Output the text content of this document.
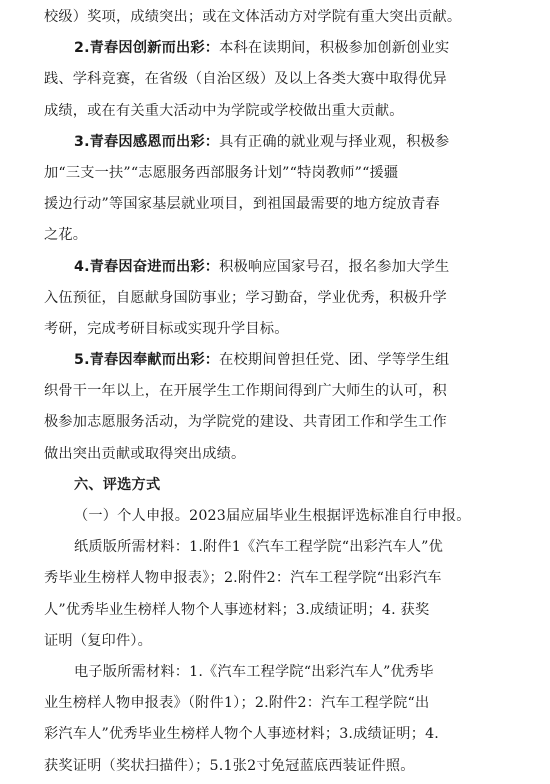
校级）奖项，成绩突出；或在文体活动方对学院有重大突出贡献。
2.青春因创新而出彩：本科在读期间，积极参加创新创业实
践、学科竞赛，在省级（自治区级）及以上各类大赛中取得优异
成绩，或在有关重大活动中为学院或学校做出重大贡献。
3.青春因感恩而出彩：具有正确的就业观与择业观，积极参
加“三支一扶”“志愿服务西部服务计划”“特岗教师”“援疆
援边行动”等国家基层就业项目，到祖国最需要的地方绽放青春
之花。
4.青春因奋进而出彩：积极响应国家号召，报名参加大学生
入伍预征，自愿献身国防事业；学习勤奋，学业优秀，积极升学
考研，完成考研目标或实现升学目标。
5.青春因奉献而出彩：在校期间曾担任党、团、学等学生组
织骨干一年以上，在开展学生工作期间得到广大师生的认可，积
极参加志愿服务活动，为学院党的建设、共青团工作和学生工作
做出突出贡献或取得突出成绩。
六、评选方式
（一）个人申报。2023届应届毕业生根据评选标准自行申报。
纸质版所需材料：1.附件1《汽车工程学院“出彩汽车人”优
秀毕业生榜样人物申报表》；2.附件2：汽车工程学院“出彩汽车
人”优秀毕业生榜样人物个人事迹材料；3.成绩证明；4. 获奖
证明（复印件）。
电子版所需材料：1.《汽车工程学院“出彩汽车人”优秀毕
业生榜样人物申报表》（附件1）；2.附件2：汽车工程学院“出
彩汽车人”优秀毕业生榜样人物个人事迹材料；3.成绩证明；4.
获奖证明（奖状扫描件）；5.1张2寸免冠蓝底西装证件照。
